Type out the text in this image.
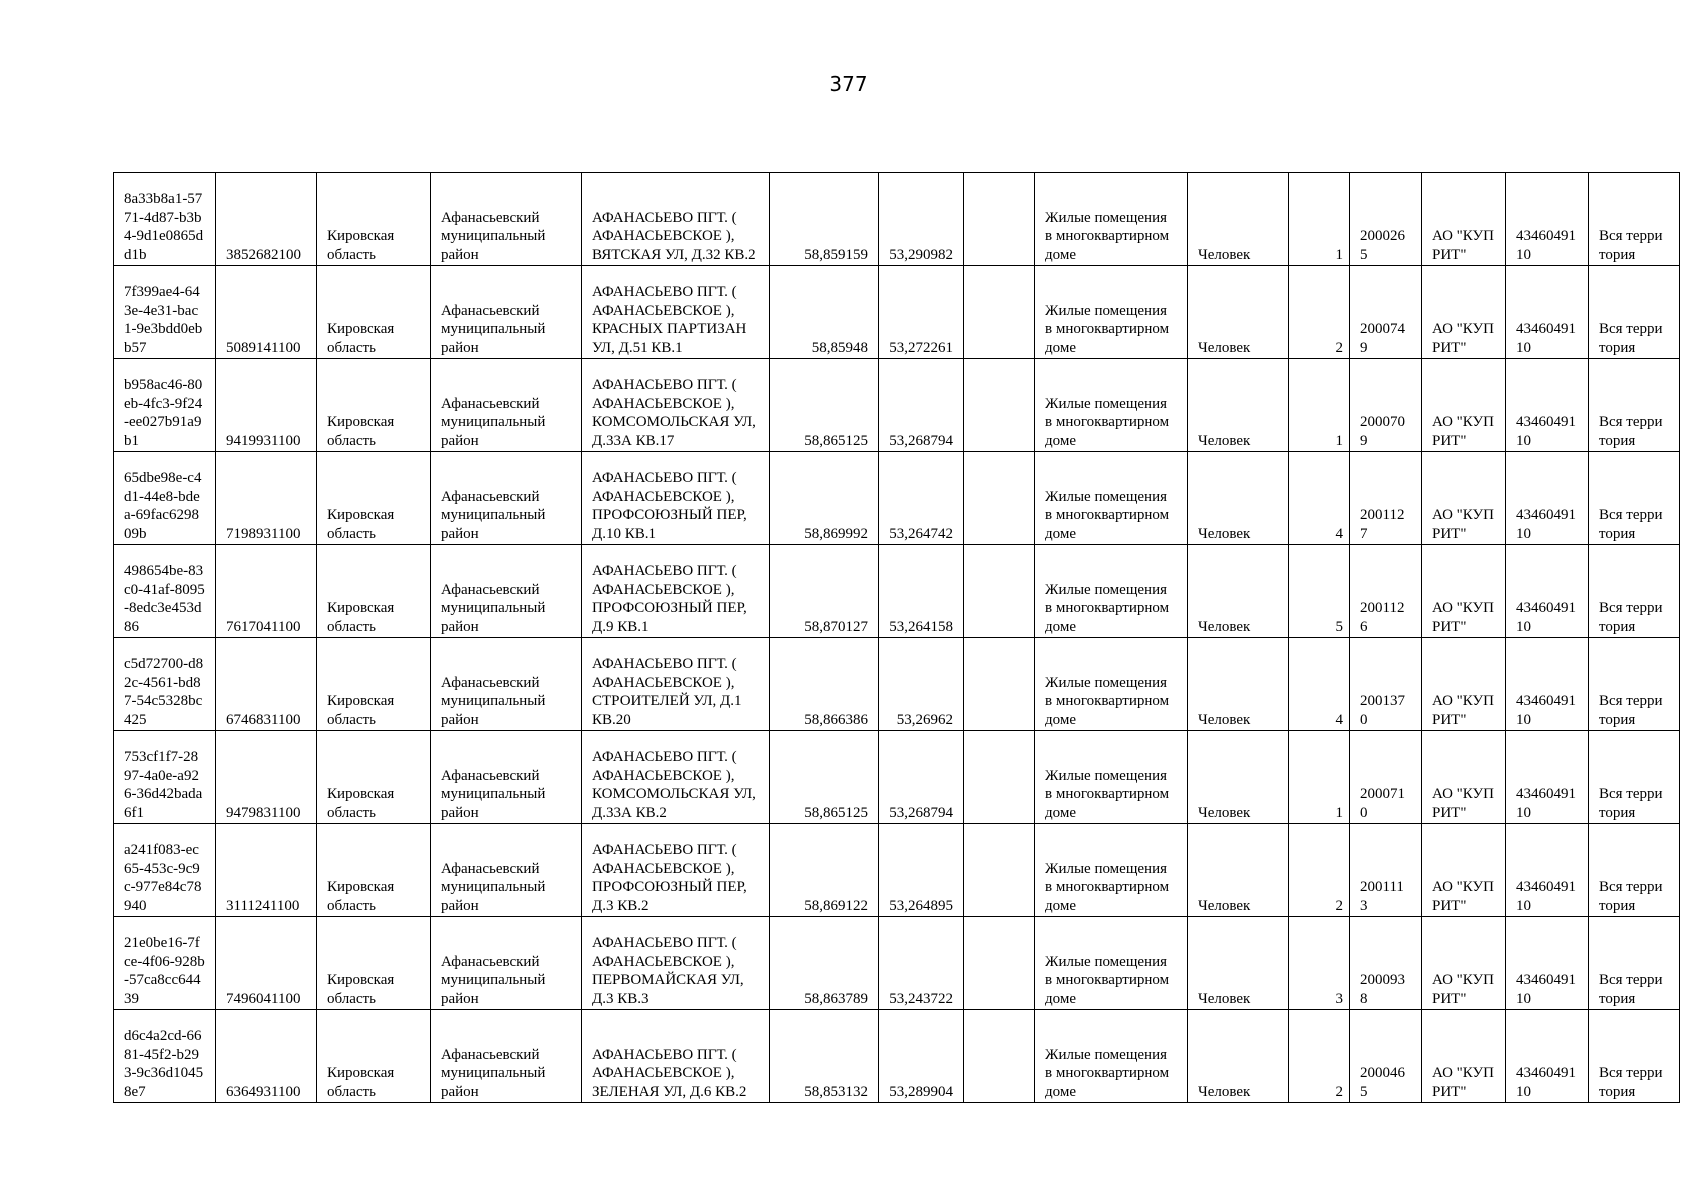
377
8a33b8a1-5771-4d87-b3b4-9d1e0865dd1b	3852682100	Кировская область	Афанасьевский муниципальный район	АФАНАСЬЕВО ПГТ. ( АФАНАСЬЕВСКОЕ ), ВЯТСКАЯ УЛ, Д.32 КВ.2	58,859159	53,290982		Жилые помещения в многоквартирном доме	Человек	1	2000265	АО "КУПРИТ"	4346049110	Вся территория
7f399ae4-643e-4e31-bac1-9e3bdd0ebb57	5089141100	Кировская область	Афанасьевский муниципальный район	АФАНАСЬЕВО ПГТ. ( АФАНАСЬЕВСКОЕ ), КРАСНЫХ ПАРТИЗАН УЛ, Д.51 КВ.1	58,85948	53,272261		Жилые помещения в многоквартирном доме	Человек	2	2000749	АО "КУПРИТ"	4346049110	Вся территория
b958ac46-80eb-4fc3-9f24-ee027b91a9b1	9419931100	Кировская область	Афанасьевский муниципальный район	АФАНАСЬЕВО ПГТ. ( АФАНАСЬЕВСКОЕ ), КОМСОМОЛЬСКАЯ УЛ, Д.33А КВ.17	58,865125	53,268794		Жилые помещения в многоквартирном доме	Человек	1	2000709	АО "КУПРИТ"	4346049110	Вся территория
65dbe98e-c4d1-44e8-bdea-69fac629809b	7198931100	Кировская область	Афанасьевский муниципальный район	АФАНАСЬЕВО ПГТ. ( АФАНАСЬЕВСКОЕ ), ПРОФСОЮЗНЫЙ ПЕР, Д.10 КВ.1	58,869992	53,264742		Жилые помещения в многоквартирном доме	Человек	4	2001127	АО "КУПРИТ"	4346049110	Вся территория
498654be-83c0-41af-8095-8edc3e453d86	7617041100	Кировская область	Афанасьевский муниципальный район	АФАНАСЬЕВО ПГТ. ( АФАНАСЬЕВСКОЕ ), ПРОФСОЮЗНЫЙ ПЕР, Д.9 КВ.1	58,870127	53,264158		Жилые помещения в многоквартирном доме	Человек	5	2001126	АО "КУПРИТ"	4346049110	Вся территория
c5d72700-d82c-4561-bd87-54c5328bc425	6746831100	Кировская область	Афанасьевский муниципальный район	АФАНАСЬЕВО ПГТ. ( АФАНАСЬЕВСКОЕ ), СТРОИТЕЛЕЙ УЛ, Д.1 КВ.20	58,866386	53,26962		Жилые помещения в многоквартирном доме	Человек	4	2001370	АО "КУПРИТ"	4346049110	Вся территория
753cf1f7-2897-4a0e-a926-36d42bada6f1	9479831100	Кировская область	Афанасьевский муниципальный район	АФАНАСЬЕВО ПГТ. ( АФАНАСЬЕВСКОЕ ), КОМСОМОЛЬСКАЯ УЛ, Д.33А КВ.2	58,865125	53,268794		Жилые помещения в многоквартирном доме	Человек	1	2000710	АО "КУПРИТ"	4346049110	Вся территория
a241f083-ec65-453c-9c9c-977e84c78940	3111241100	Кировская область	Афанасьевский муниципальный район	АФАНАСЬЕВО ПГТ. ( АФАНАСЬЕВСКОЕ ), ПРОФСОЮЗНЫЙ ПЕР, Д.3 КВ.2	58,869122	53,264895		Жилые помещения в многоквартирном доме	Человек	2	2001113	АО "КУПРИТ"	4346049110	Вся территория
21e0be16-7fce-4f06-928b-57ca8cc64439	7496041100	Кировская область	Афанасьевский муниципальный район	АФАНАСЬЕВО ПГТ. ( АФАНАСЬЕВСКОЕ ), ПЕРВОМАЙСКАЯ УЛ, Д.3 КВ.3	58,863789	53,243722		Жилые помещения в многоквартирном доме	Человек	3	2000938	АО "КУПРИТ"	4346049110	Вся территория
d6c4a2cd-6681-45f2-b293-9c36d10458e7	6364931100	Кировская область	Афанасьевский муниципальный район	АФАНАСЬЕВО ПГТ. ( АФАНАСЬЕВСКОЕ ), ЗЕЛЕНАЯ УЛ, Д.6 КВ.2	58,853132	53,289904		Жилые помещения в многоквартирном доме	Человек	2	2000465	АО "КУПРИТ"	4346049110	Вся территория
